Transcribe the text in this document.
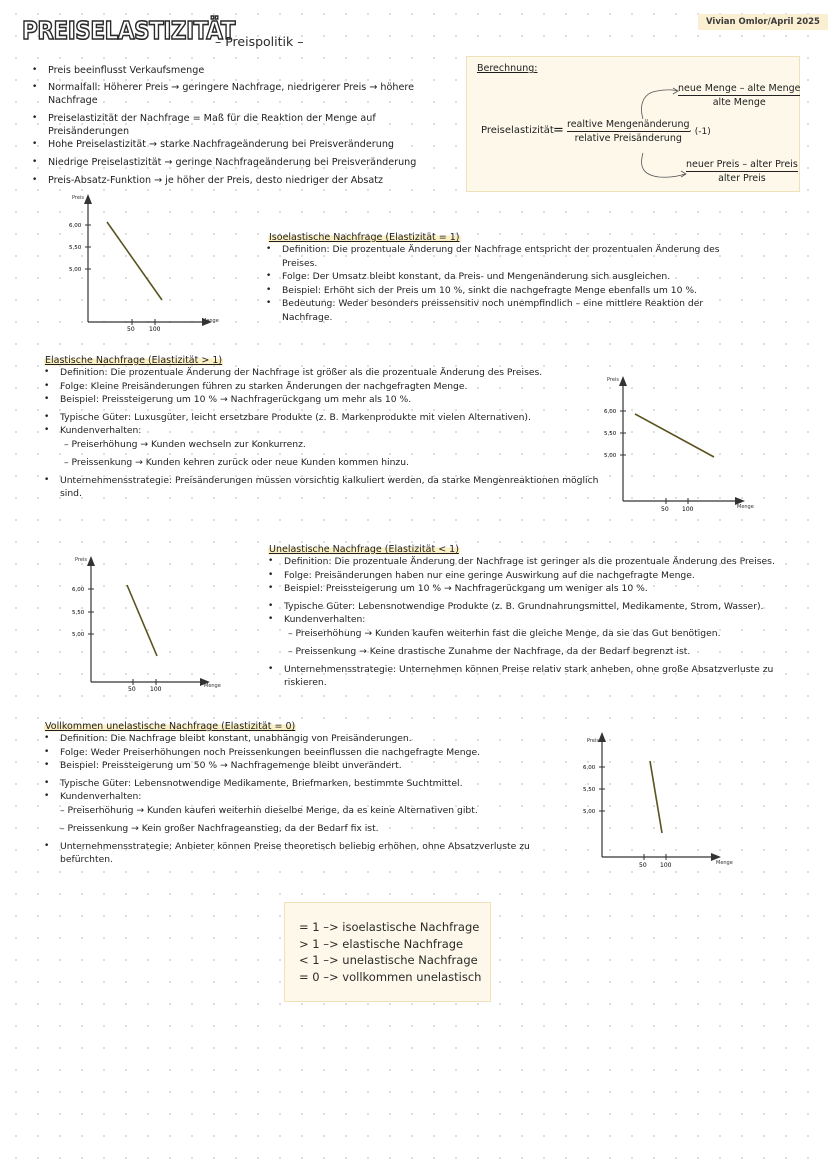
PREISELASTIZITÄT
– Preispolitik –
Vivian Omlor/April 2025
• Preis beeinflusst Verkaufsmenge
• Normalfall: Höherer Preis → geringere Nachfrage, niedrigerer Preis → höhere Nachfrage
• Preiselastizität der Nachfrage = Maß für die Reaktion der Menge auf Preisänderungen
• Hohe Preiselastizität → starke Nachfrageänderung bei Preisveränderung
• Niedrige Preiselastizität → geringe Nachfrageänderung bei Preisveränderung
• Preis-Absatz-Funktion → je höher der Preis, desto niedriger der Absatz
Berechnung:
Preiselastizität = realtive Mengenänderung
relative Preisänderung
· (-1)
neue Menge – alte Menge
alte Menge
neuer Preis – alter Preis
alter Preis
Preis
Menge
6,00
5,50
5,00
50 100
Isoelastische Nachfrage (Elastizität = 1)
• Definition: Die prozentuale Änderung der Nachfrage entspricht der prozentualen Änderung des Preises.
• Folge: Der Umsatz bleibt konstant, da Preis- und Mengenänderung sich ausgleichen.
• Beispiel: Erhöht sich der Preis um 10 %, sinkt die nachgefragte Menge ebenfalls um 10 %.
• Bedeutung: Weder besonders preissensitiv noch unempfindlich – eine mittlere Reaktion der Nachfrage.
Elastische Nachfrage (Elastizität > 1)
• Definition: Die prozentuale Änderung der Nachfrage ist größer als die prozentuale Änderung des Preises.
• Folge: Kleine Preisänderungen führen zu starken Änderungen der nachgefragten Menge.
• Beispiel: Preissteigerung um 10 % → Nachfragerückgang um mehr als 10 %.
• Typische Güter: Luxusgüter, leicht ersetzbare Produkte (z. B. Markenprodukte mit vielen Alternativen).
• Kundenverhalten:
– Preiserhöhung → Kunden wechseln zur Konkurrenz.
– Preissenkung → Kunden kehren zurück oder neue Kunden kommen hinzu.
• Unternehmensstrategie: Preisänderungen müssen vorsichtig kalkuliert werden, da starke Mengenreaktionen möglich sind.
Preis
Menge
6,00
5,50
5,00
50 100
Preis
Menge
6,00
5,50
5,00
50 100
Unelastische Nachfrage (Elastizität < 1)
• Definition: Die prozentuale Änderung der Nachfrage ist geringer als die prozentuale Änderung des Preises.
• Folge: Preisänderungen haben nur eine geringe Auswirkung auf die nachgefragte Menge.
• Beispiel: Preissteigerung um 10 % → Nachfragerückgang um weniger als 10 %.
• Typische Güter: Lebensnotwendige Produkte (z. B. Grundnahrungsmittel, Medikamente, Strom, Wasser).
• Kundenverhalten:
– Preiserhöhung → Kunden kaufen weiterhin fast die gleiche Menge, da sie das Gut benötigen.
– Preissenkung → Keine drastische Zunahme der Nachfrage, da der Bedarf begrenzt ist.
• Unternehmensstrategie: Unternehmen können Preise relativ stark anheben, ohne große Absatzverluste zu riskieren.
Vollkommen unelastische Nachfrage (Elastizität = 0)
• Definition: Die Nachfrage bleibt konstant, unabhängig von Preisänderungen.
• Folge: Weder Preiserhöhungen noch Preissenkungen beeinflussen die nachgefragte Menge.
• Beispiel: Preissteigerung um 50 % → Nachfragemenge bleibt unverändert.
• Typische Güter: Lebensnotwendige Medikamente, Briefmarken, bestimmte Suchtmittel.
• Kundenverhalten:
– Preiserhöhung → Kunden kaufen weiterhin dieselbe Menge, da es keine Alternativen gibt.
– Preissenkung → Kein großer Nachfrageanstieg, da der Bedarf fix ist.
• Unternehmensstrategie: Anbieter können Preise theoretisch beliebig erhöhen, ohne Absatzverluste zu befürchten.
Preis
Menge
6,00
5,50
5,00
50 100
= 1 –> isoelastische Nachfrage
> 1 –> elastische Nachfrage
< 1 –> unelastische Nachfrage
= 0 –> vollkommen unelastisch
